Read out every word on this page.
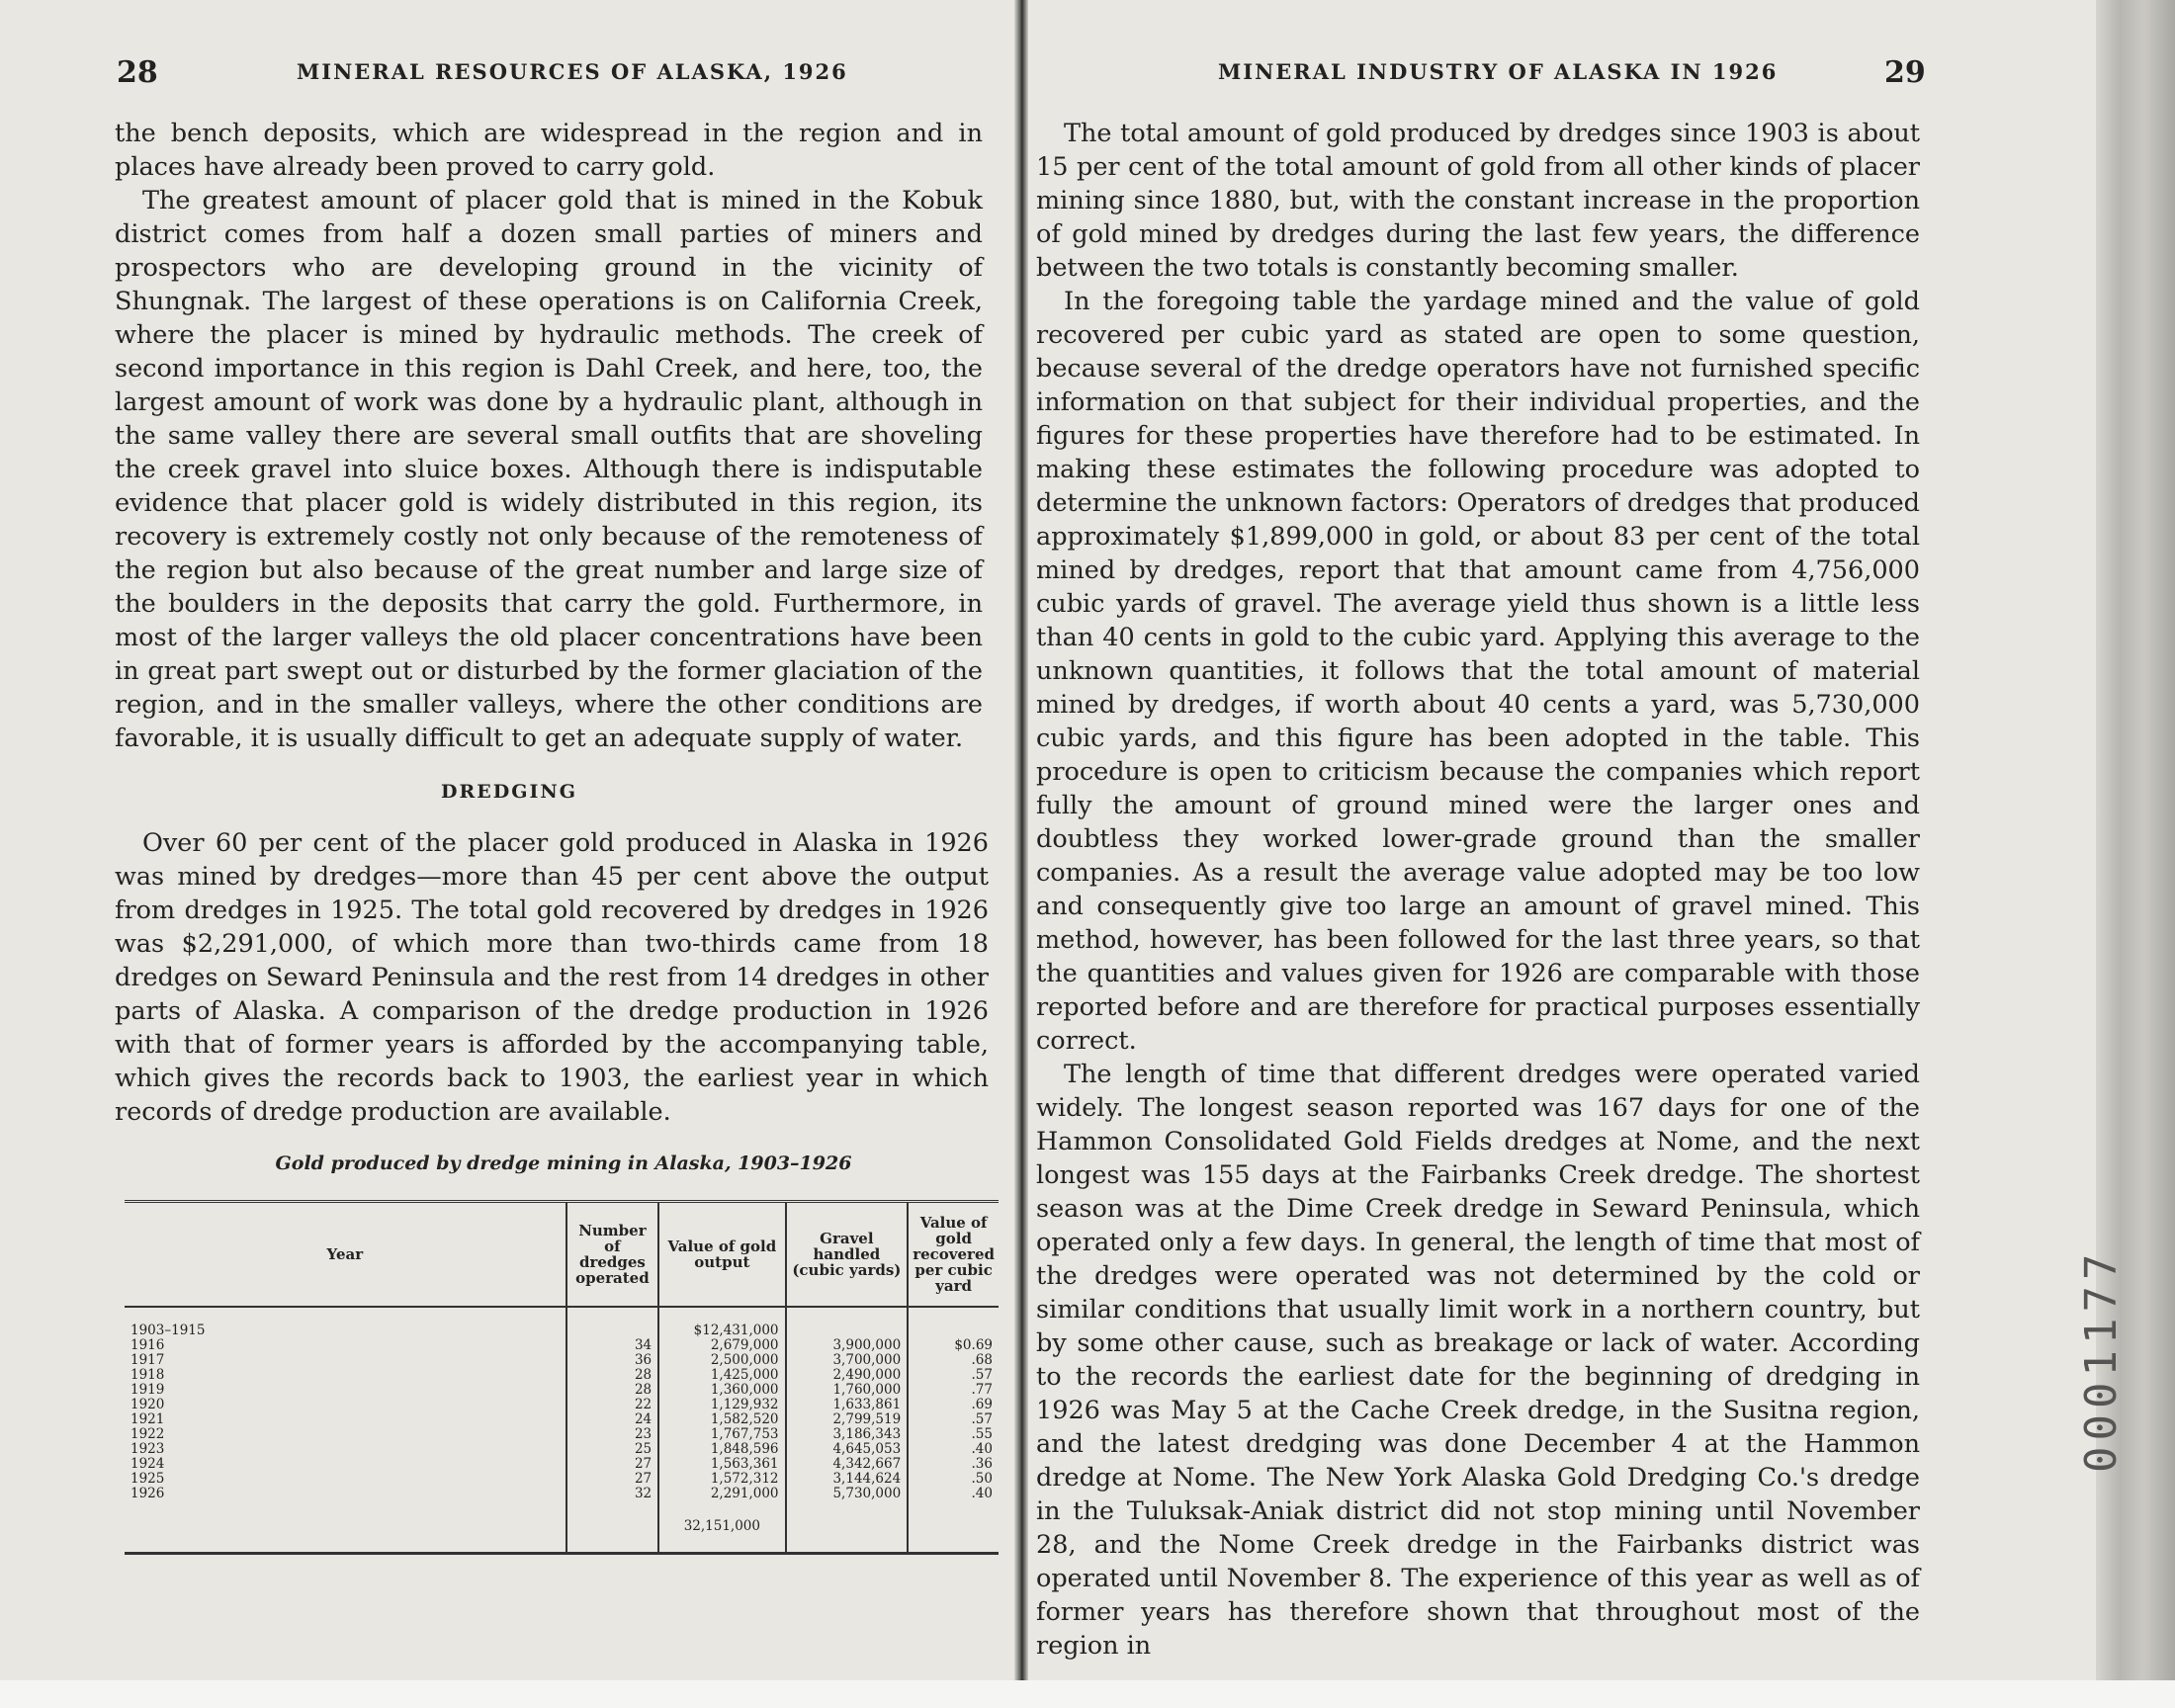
28	MINERAL RESOURCES OF ALASKA, 1926

the bench deposits, which are widespread in the region and in places have already been proved to carry gold.

The greatest amount of placer gold that is mined in the Kobuk district comes from half a dozen small parties of miners and prospectors who are developing ground in the vicinity of Shungnak. The largest of these operations is on California Creek, where the placer is mined by hydraulic methods. The creek of second importance in this region is Dahl Creek, and here, too, the largest amount of work was done by a hydraulic plant, although in the same valley there are several small outfits that are shoveling the creek gravel into sluice boxes. Although there is indisputable evidence that placer gold is widely distributed in this region, its recovery is extremely costly not only because of the remoteness of the region but also because of the great number and large size of the boulders in the deposits that carry the gold. Furthermore, in most of the larger valleys the old placer concentrations have been in great part swept out or disturbed by the former glaciation of the region, and in the smaller valleys, where the other conditions are favorable, it is usually difficult to get an adequate supply of water.

DREDGING

Over 60 per cent of the placer gold produced in Alaska in 1926 was mined by dredges—more than 45 per cent above the output from dredges in 1925. The total gold recovered by dredges in 1926 was $2,291,000, of which more than two-thirds came from 18 dredges on Seward Peninsula and the rest from 14 dredges in other parts of Alaska. A comparison of the dredge production in 1926 with that of former years is afforded by the accompanying table, which gives the records back to 1903, the earliest year in which records of dredge production are available.

Gold produced by dredge mining in Alaska, 1903–1926
Year	Number of dredges operated	Value of gold output	Gravel handled (cubic yards)	Value of gold recovered per cubic yard
1903–1915		$12,431,000		
1916	34	2,679,000	3,900,000	$0.69
1917	36	2,500,000	3,700,000	.68
1918	28	1,425,000	2,490,000	.57
1919	28	1,360,000	1,760,000	.77
1920	22	1,129,932	1,633,861	.69
1921	24	1,582,520	2,799,519	.57
1922	23	1,767,753	3,186,343	.55
1923	25	1,848,596	4,645,053	.40
1924	27	1,563,361	4,342,667	.36
1925	27	1,572,312	3,144,624	.50
1926	32	2,291,000	5,730,000	.40
		32,151,000		
MINERAL INDUSTRY OF ALASKA IN 1926	29

The total amount of gold produced by dredges since 1903 is about 15 per cent of the total amount of gold from all other kinds of placer mining since 1880, but, with the constant increase in the proportion of gold mined by dredges during the last few years, the difference between the two totals is constantly becoming smaller.

In the foregoing table the yardage mined and the value of gold recovered per cubic yard as stated are open to some question, because several of the dredge operators have not furnished specific information on that subject for their individual properties, and the figures for these properties have therefore had to be estimated. In making these estimates the following procedure was adopted to determine the unknown factors: Operators of dredges that produced approximately $1,899,000 in gold, or about 83 per cent of the total mined by dredges, report that that amount came from 4,756,000 cubic yards of gravel. The average yield thus shown is a little less than 40 cents in gold to the cubic yard. Applying this average to the unknown quantities, it follows that the total amount of material mined by dredges, if worth about 40 cents a yard, was 5,730,000 cubic yards, and this figure has been adopted in the table. This procedure is open to criticism because the companies which report fully the amount of ground mined were the larger ones and doubtless they worked lower-grade ground than the smaller companies. As a result the average value adopted may be too low and consequently give too large an amount of gravel mined. This method, however, has been followed for the last three years, so that the quantities and values given for 1926 are comparable with those reported before and are therefore for practical purposes essentially correct.

The length of time that different dredges were operated varied widely. The longest season reported was 167 days for one of the Hammon Consolidated Gold Fields dredges at Nome, and the next longest was 155 days at the Fairbanks Creek dredge. The shortest season was at the Dime Creek dredge in Seward Peninsula, which operated only a few days. In general, the length of time that most of the dredges were operated was not determined by the cold or similar conditions that usually limit work in a northern country, but by some other cause, such as breakage or lack of water. According to the records the earliest date for the beginning of dredging in 1926 was May 5 at the Cache Creek dredge, in the Susitna region, and the latest dredging was done December 4 at the Hammon dredge at Nome. The New York Alaska Gold Dredging Co.'s dredge in the Tuluksak-Aniak district did not stop mining until November 28, and the Nome Creek dredge in the Fairbanks district was operated until November 8. The experience of this year as well as of former years has therefore shown that throughout most of the region in

0001177
